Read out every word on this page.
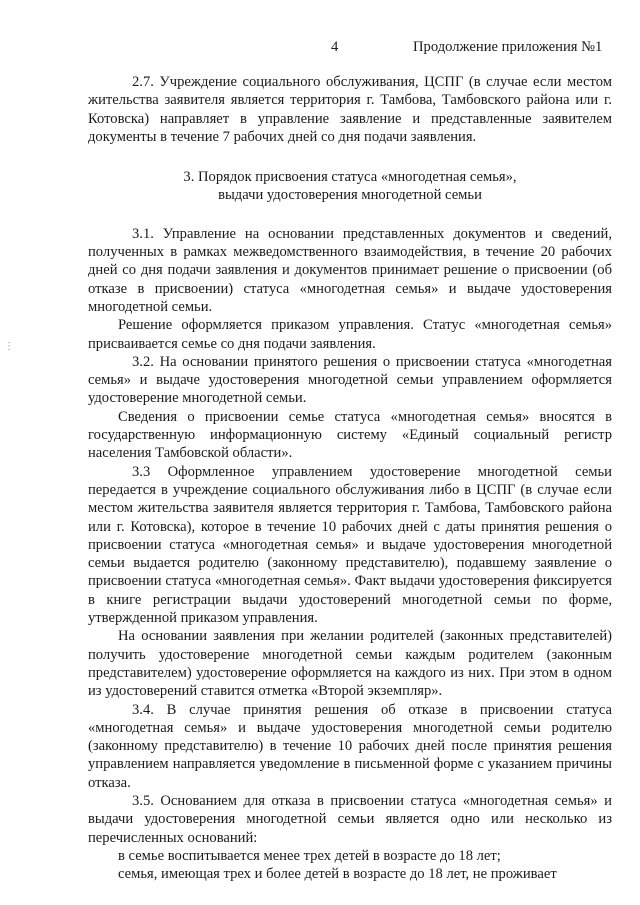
4	Продолжение приложения №1
⋮

2.7. Учреждение социального обслуживания, ЦСПГ (в случае если местом жительства заявителя является территория г. Тамбова, Тамбовского района или г. Котовска) направляет в управление заявление и представленные заявителем документы в течение 7 рабочих дней со дня подачи заявления.

3. Порядок присвоения статуса «многодетная семья»,
выдачи удостоверения многодетной семьи

3.1. Управление на основании представленных документов и сведений, полученных в рамках межведомственного взаимодействия, в течение 20 рабочих дней со дня подачи заявления и документов принимает решение о присвоении (об отказе в присвоении) статуса «многодетная семья» и выдаче удостоверения многодетной семьи.

Решение оформляется приказом управления. Статус «многодетная семья» присваивается семье со дня подачи заявления.

3.2. На основании принятого решения о присвоении статуса «многодетная семья» и выдаче удостоверения многодетной семьи управлением оформляется удостоверение многодетной семьи.

Сведения о присвоении семье статуса «многодетная семья» вносятся в государственную информационную систему «Единый социальный регистр населения Тамбовской области».

3.3 Оформленное управлением удостоверение многодетной семьи передается в учреждение социального обслуживания либо в ЦСПГ (в случае если местом жительства заявителя является территория г. Тамбова, Тамбовского района или г. Котовска), которое в течение 10 рабочих дней с даты принятия решения о присвоении статуса «многодетная семья» и выдаче удостоверения многодетной семьи выдается родителю (законному представителю), подавшему заявление о присвоении статуса «многодетная семья». Факт выдачи удостоверения фиксируется в книге регистрации выдачи удостоверений многодетной семьи по форме, утвержденной приказом управления.

На основании заявления при желании родителей (законных представителей) получить удостоверение многодетной семьи каждым родителем (законным представителем) удостоверение оформляется на каждого из них. При этом в одном из удостоверений ставится отметка «Второй экземпляр».

3.4. В случае принятия решения об отказе в присвоении статуса «многодетная семья» и выдаче удостоверения многодетной семьи родителю (законному представителю) в течение 10 рабочих дней после принятия решения управлением направляется уведомление в письменной форме с указанием причины отказа.

3.5. Основанием для отказа в присвоении статуса «многодетная семья» и выдачи удостоверения многодетной семьи является одно или несколько из перечисленных оснований:

в семье воспитывается менее трех детей в возрасте до 18 лет;

семья, имеющая трех и более детей в возрасте до 18 лет, не проживает
